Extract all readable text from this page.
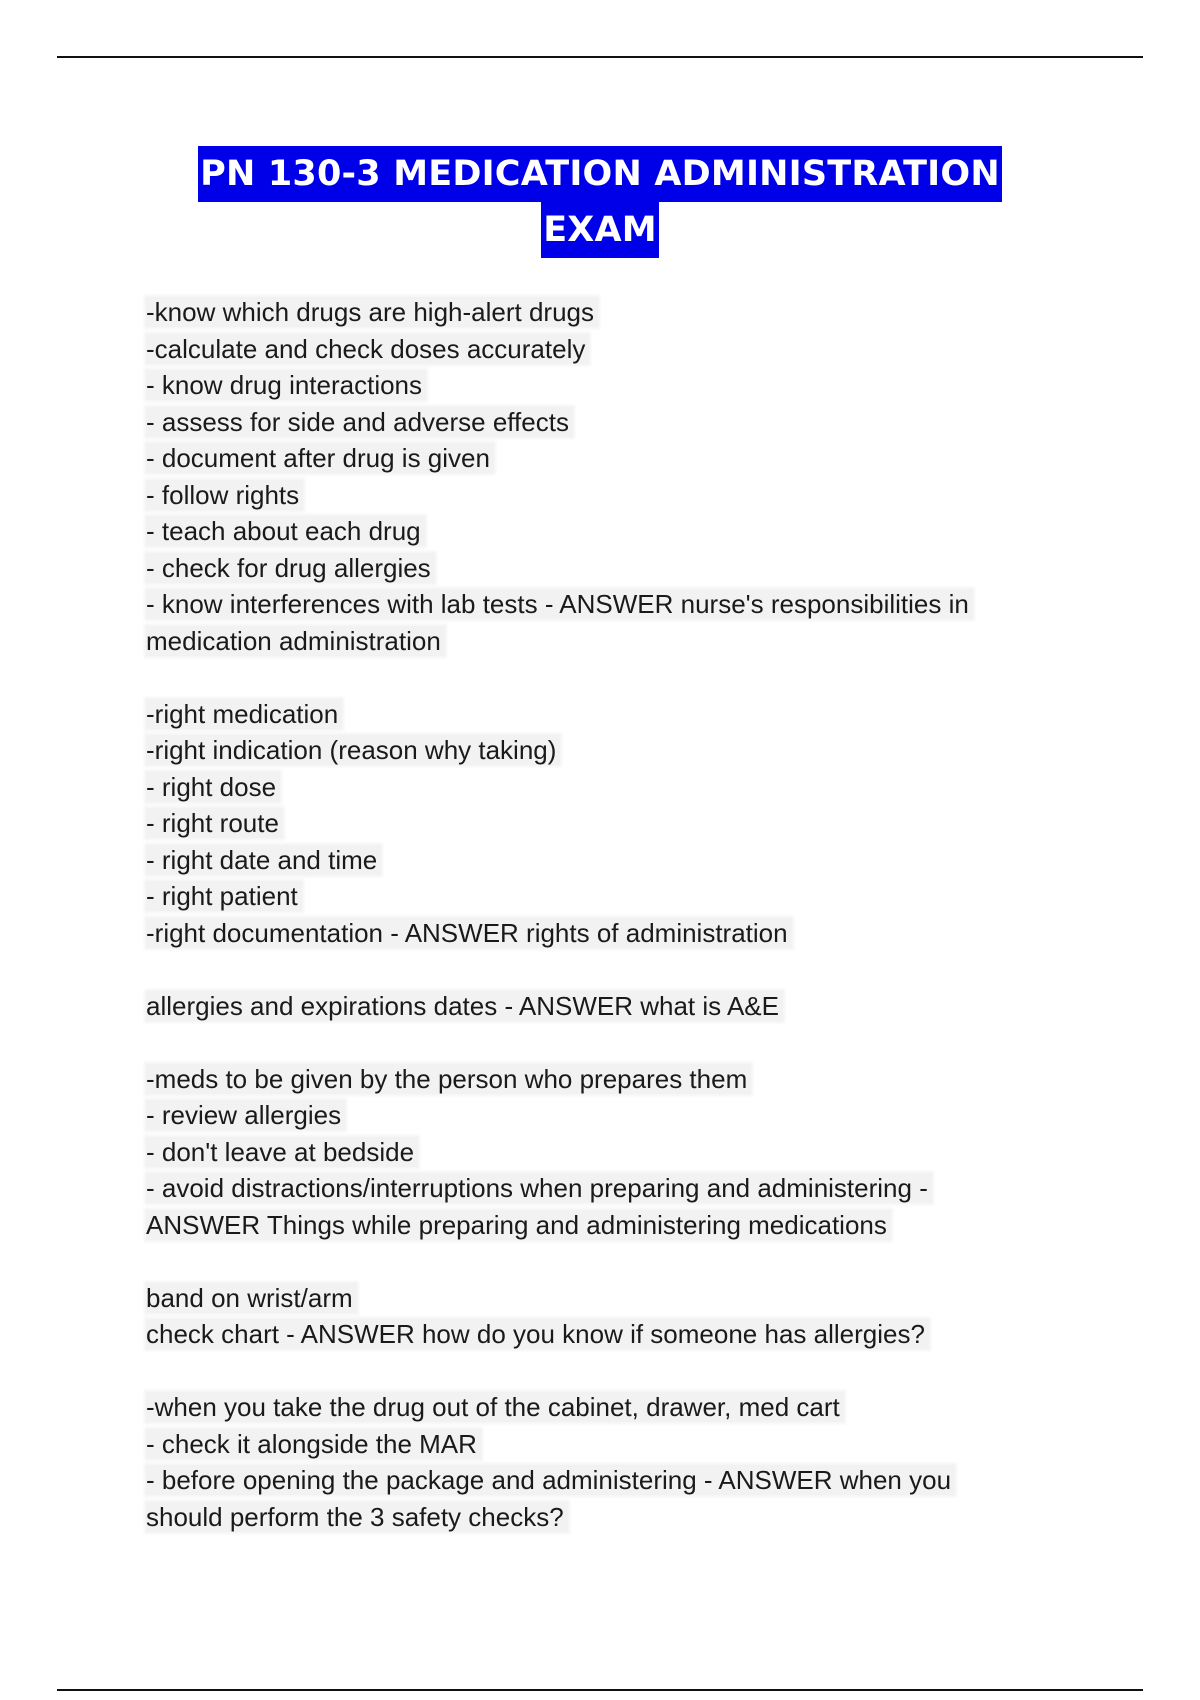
PN 130-3 MEDICATION ADMINISTRATION
EXAM
-know which drugs are high-alert drugs
-calculate and check doses accurately
- know drug interactions
- assess for side and adverse effects
- document after drug is given
- follow rights
- teach about each drug
- check for drug allergies
- know interferences with lab tests - ANSWER nurse's responsibilities in
medication administration
-right medication
-right indication (reason why taking)
- right dose
- right route
- right date and time
- right patient
-right documentation - ANSWER rights of administration
allergies and expirations dates - ANSWER what is A&E
-meds to be given by the person who prepares them
- review allergies
- don't leave at bedside
- avoid distractions/interruptions when preparing and administering -
ANSWER Things while preparing and administering medications
band on wrist/arm
check chart - ANSWER how do you know if someone has allergies?
-when you take the drug out of the cabinet, drawer, med cart
- check it alongside the MAR
- before opening the package and administering - ANSWER when you
should perform the 3 safety checks?
